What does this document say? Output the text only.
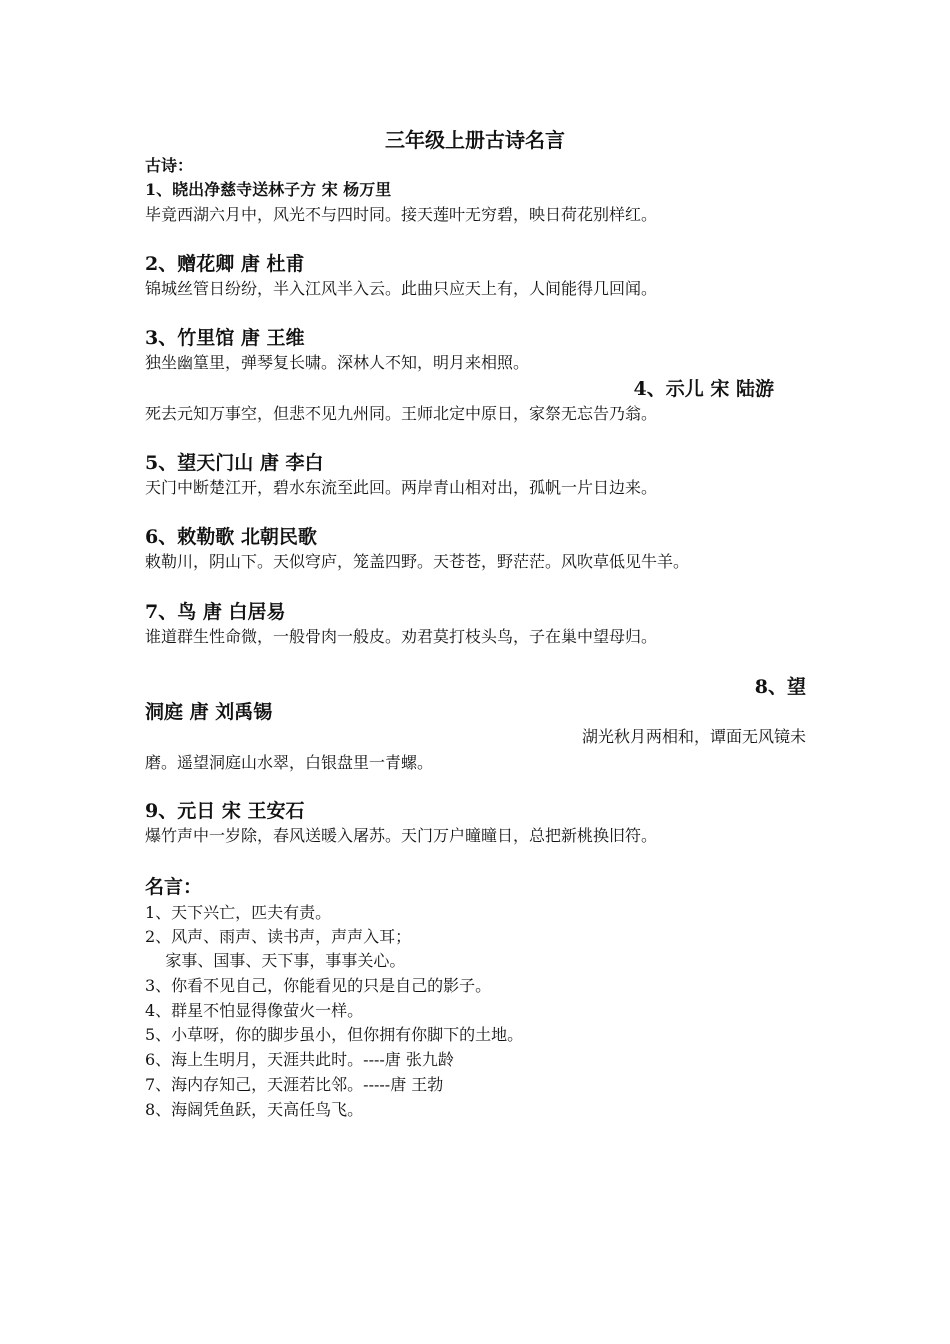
三年级上册古诗名言
古诗：
1、晓出净慈寺送林子方 宋 杨万里
毕竟西湖六月中，风光不与四时同。接天莲叶无穷碧，映日荷花别样红。
2、赠花卿 唐 杜甫
锦城丝管日纷纷，半入江风半入云。此曲只应天上有，人间能得几回闻。
3、竹里馆 唐 王维
独坐幽篁里，弹琴复长啸。深林人不知，明月来相照。
4、示儿 宋 陆游
死去元知万事空，但悲不见九州同。王师北定中原日，家祭无忘告乃翁。
5、望天门山 唐 李白
天门中断楚江开，碧水东流至此回。两岸青山相对出，孤帆一片日边来。
6、敕勒歌 北朝民歌
敕勒川，阴山下。天似穹庐，笼盖四野。天苍苍，野茫茫。风吹草低见牛羊。
7、鸟 唐 白居易
谁道群生性命微，一般骨肉一般皮。劝君莫打枝头鸟，子在巢中望母归。
8、望
洞庭 唐 刘禹锡
湖光秋月两相和，谭面无风镜未
磨。遥望洞庭山水翠，白银盘里一青螺。
9、元日 宋 王安石
爆竹声中一岁除，春风送暖入屠苏。天门万户曈曈日，总把新桃换旧符。
名言：
1、天下兴亡，匹夫有责。
2、风声、雨声、读书声，声声入耳；
家事、国事、天下事，事事关心。
3、你看不见自己，你能看见的只是自己的影子。
4、群星不怕显得像萤火一样。
5、小草呀，你的脚步虽小，但你拥有你脚下的土地。
6、海上生明月，天涯共此时。----唐 张九龄
7、海内存知己，天涯若比邻。-----唐 王勃
8、海阔凭鱼跃，天高任鸟飞。
